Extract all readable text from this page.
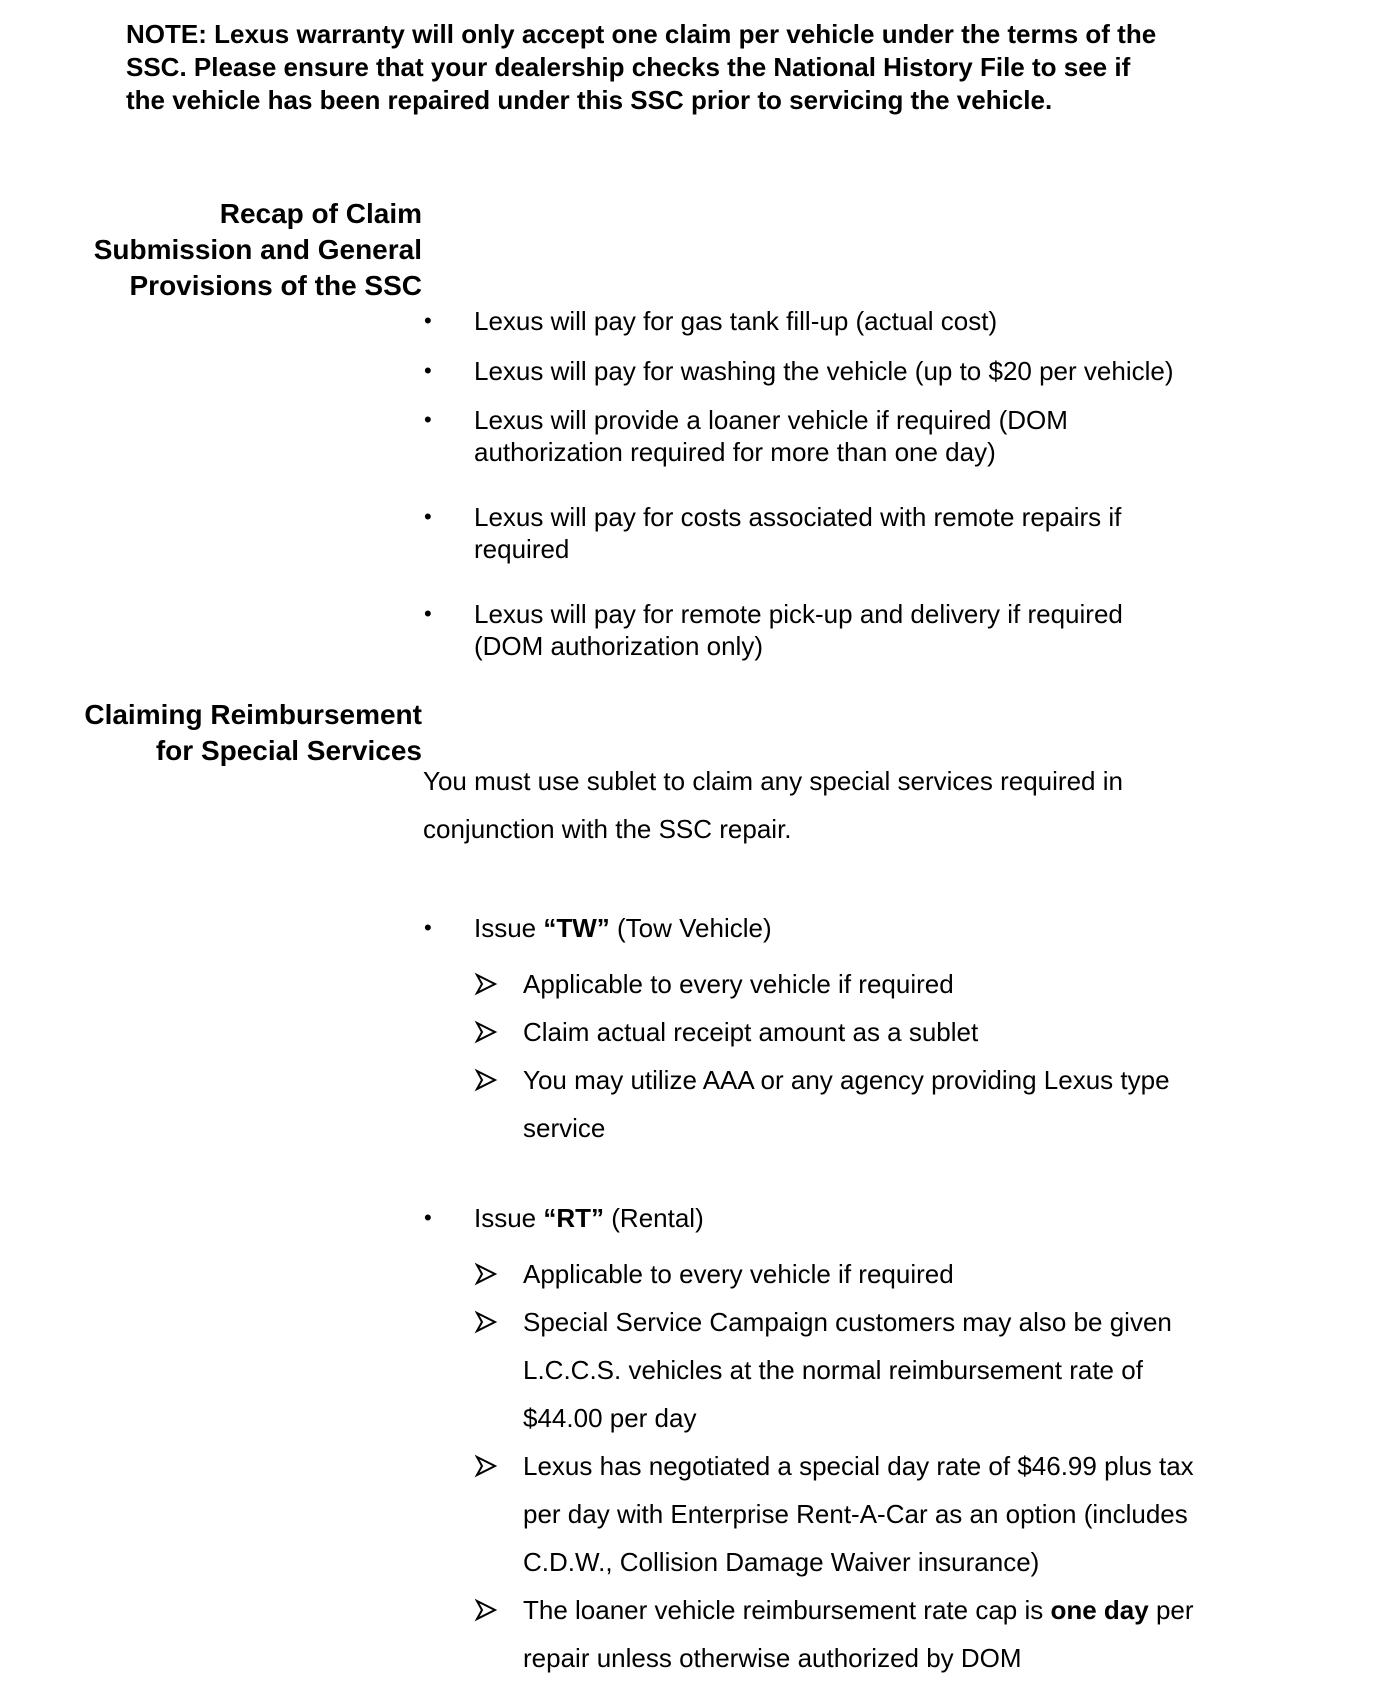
NOTE: Lexus warranty will only accept one claim per vehicle under the terms of the

SSC. Please ensure that your dealership checks the National History File to see if

the vehicle has been repaired under this SSC prior to servicing the vehicle.

Recap of Claim
Submission and General
Provisions of the SSC
• Lexus will pay for gas tank fill-up (actual cost)
• Lexus will pay for washing the vehicle (up to $20 per vehicle)
• Lexus will provide a loaner vehicle if required (DOM
authorization required for more than one day)
• Lexus will pay for costs associated with remote repairs if
required
• Lexus will pay for remote pick-up and delivery if required
(DOM authorization only)
Claiming Reimbursement
for Special Services
You must use sublet to claim any special services required in
conjunction with the SSC repair.
• Issue “TW” (Tow Vehicle)
Applicable to every vehicle if required
Claim actual receipt amount as a sublet
You may utilize AAA or any agency providing Lexus type
service
• Issue “RT” (Rental)
Applicable to every vehicle if required
Special Service Campaign customers may also be given
L.C.C.S. vehicles at the normal reimbursement rate of
$44.00 per day
Lexus has negotiated a special day rate of $46.99 plus tax
per day with Enterprise Rent-A-Car as an option (includes
C.D.W., Collision Damage Waiver insurance)
The loaner vehicle reimbursement rate cap is one day per
repair unless otherwise authorized by DOM
